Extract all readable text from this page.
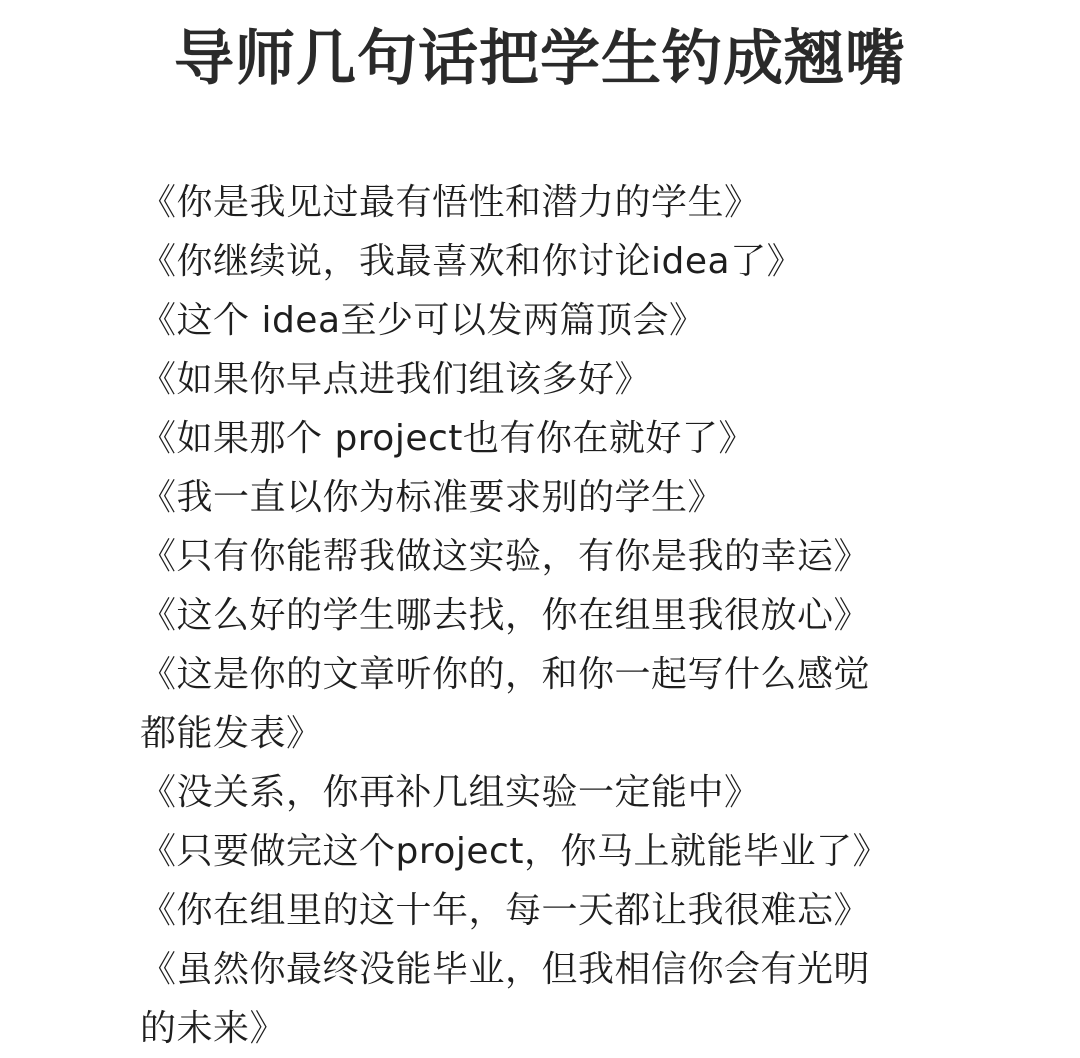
导师几句话把学生钓成翘嘴
《你是我见过最有悟性和潜力的学生》
《你继续说，我最喜欢和你讨论idea了》
《这个 idea至少可以发两篇顶会》
《如果你早点进我们组该多好》
《如果那个 project也有你在就好了》
《我一直以你为标准要求别的学生》
《只有你能帮我做这实验，有你是我的幸运》
《这么好的学生哪去找，你在组里我很放心》
《这是你的文章听你的，和你一起写什么感觉
都能发表》
《没关系，你再补几组实验一定能中》
《只要做完这个project，你马上就能毕业了》
《你在组里的这十年，每一天都让我很难忘》
《虽然你最终没能毕业，但我相信你会有光明
的未来》
